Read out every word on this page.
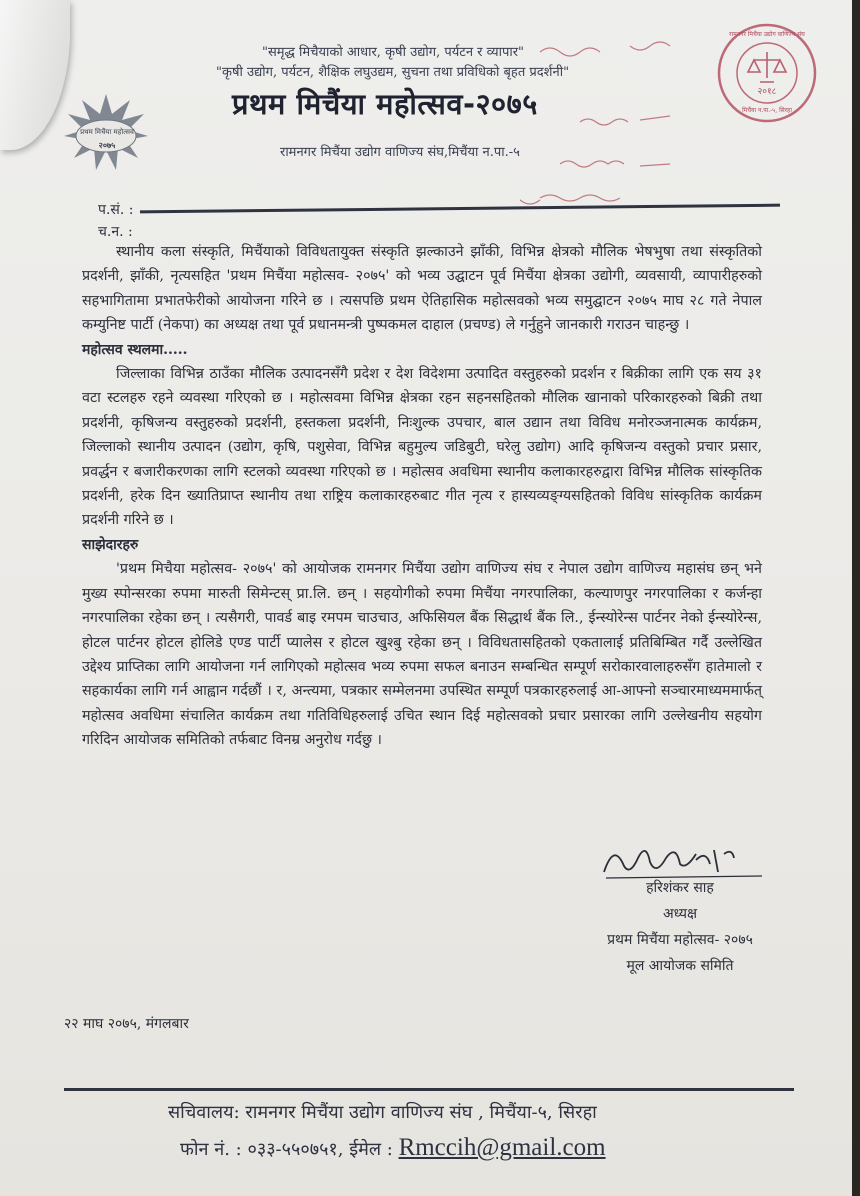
प्रथम मिचैंया महोत्सव
२०७५
२०१८
रामनगर मिचैंया उद्योग वाणिज्य संघ
मिचैंया न.पा.-५, सिरहा
"समृद्ध मिचैयाको आधार, कृषी उद्योग, पर्यटन र व्यापार"
"कृषी उद्योग, पर्यटन, शैक्षिक लघुउद्यम, सुचना तथा प्रविधिको बृहत प्रदर्शनी"
प्रथम मिचैंया महोत्सव-२०७५
रामनगर मिचैंया उद्योग वाणिज्य संघ,मिचैंया न.पा.-५
प.सं. :
च.न. :

स्थानीय कला संस्कृति, मिचैंयाको विविधतायुक्त संस्कृति झल्काउने झाँकी, विभिन्न क्षेत्रको मौलिक भेषभुषा तथा संस्कृतिको प्रदर्शनी, झाँकी, नृत्यसहित 'प्रथम मिचैंया महोत्सव- २०७५' को भव्य उद्घाटन पूर्व मिचैंया क्षेत्रका उद्योगी, व्यवसायी, व्यापारीहरुको सहभागितामा प्रभातफेरीको आयोजना गरिने छ । त्यसपछि प्रथम ऐतिहासिक महोत्सवको भव्य समुद्घाटन २०७५ माघ २८ गते नेपाल कम्युनिष्ट पार्टी (नेकपा) का अध्यक्ष तथा पूर्व प्रधानमन्त्री पुष्पकमल दाहाल (प्रचण्ड) ले गर्नुहुने जानकारी गराउन चाहन्छु ।

महोत्सव स्थलमा.....

जिल्लाका विभिन्न ठाउँका मौलिक उत्पादनसँगै प्रदेश र देश विदेशमा उत्पादित वस्तुहरुको प्रदर्शन र बिक्रीका लागि एक सय ३१ वटा स्टलहरु रहने व्यवस्था गरिएको छ । महोत्सवमा विभिन्न क्षेत्रका रहन सहनसहितको मौलिक खानाको परिकारहरुको बिक्री तथा प्रदर्शनी, कृषिजन्य वस्तुहरुको प्रदर्शनी, हस्तकला प्रदर्शनी, निःशुल्क उपचार, बाल उद्यान तथा विविध मनोरञ्जनात्मक कार्यक्रम, जिल्लाको स्थानीय उत्पादन (उद्योग, कृषि, पशुसेवा, विभिन्न बहुमुल्य जडिबुटी, घरेलु उद्योग) आदि कृषिजन्य वस्तुको प्रचार प्रसार, प्रवर्द्धन र बजारीकरणका लागि स्टलको व्यवस्था गरिएको छ । महोत्सव अवधिमा स्थानीय कलाकारहरुद्वारा विभिन्न मौलिक सांस्कृतिक प्रदर्शनी, हरेक दिन ख्यातिप्राप्त स्थानीय तथा राष्ट्रिय कलाकारहरुबाट गीत नृत्य र हास्यव्यङ्ग्यसहितको विविध सांस्कृतिक कार्यक्रम प्रदर्शनी गरिने छ ।

साझेदारहरु

'प्रथम मिचैया महोत्सव- २०७५' को आयोजक रामनगर मिचैंया उद्योग वाणिज्य संघ र नेपाल उद्योग वाणिज्य महासंघ छन् भने मुख्य स्पोन्सरका रुपमा मारुती सिमेन्टस् प्रा.लि. छन् । सहयोगीको रुपमा मिचैंया नगरपालिका, कल्याणपुर नगरपालिका र कर्जन्हा नगरपालिका रहेका छन् । त्यसैगरी, पावर्ड बाइ रमपम चाउचाउ, अफिसियल बैंक सिद्धार्थ बैंक लि., ईन्स्योरेन्स पार्टनर नेको ईन्स्योरेन्स, होटल पार्टनर होटल होलिडे एण्ड पार्टी प्यालेस र होटल खुश्बु रहेका छन् । विविधतासहितको एकतालाई प्रतिबिम्बित गर्दै उल्लेखित उद्देश्य प्राप्तिका लागि आयोजना गर्न लागिएको महोत्सव भव्य रुपमा सफल बनाउन सम्बन्धित सम्पूर्ण सरोकारवालाहरुसँग हातेमालो र सहकार्यका लागि गर्न आह्वान गर्दछौं । र, अन्त्यमा, पत्रकार सम्मेलनमा उपस्थित सम्पूर्ण पत्रकारहरुलाई आ-आफ्नो सञ्चारमाध्यममार्फत् महोत्सव अवधिमा संचालित कार्यक्रम तथा गतिविधिहरुलाई उचित स्थान दिई महोत्सवको प्रचार प्रसारका लागि उल्लेखनीय सहयोग गरिदिन आयोजक समितिको तर्फबाट विनम्र अनुरोध गर्दछु ।

हरिशंकर साह
अध्यक्ष
प्रथम मिचैंया महोत्सव- २०७५
मूल आयोजक समिति
२२ माघ २०७५, मंगलबार
सचिवालय: रामनगर मिचैंया उद्योग वाणिज्य संघ , मिचैंया-५, सिरहा
फोन नं. : ०३३-५५०७५१, ईमेल : Rmccih@gmail.com
